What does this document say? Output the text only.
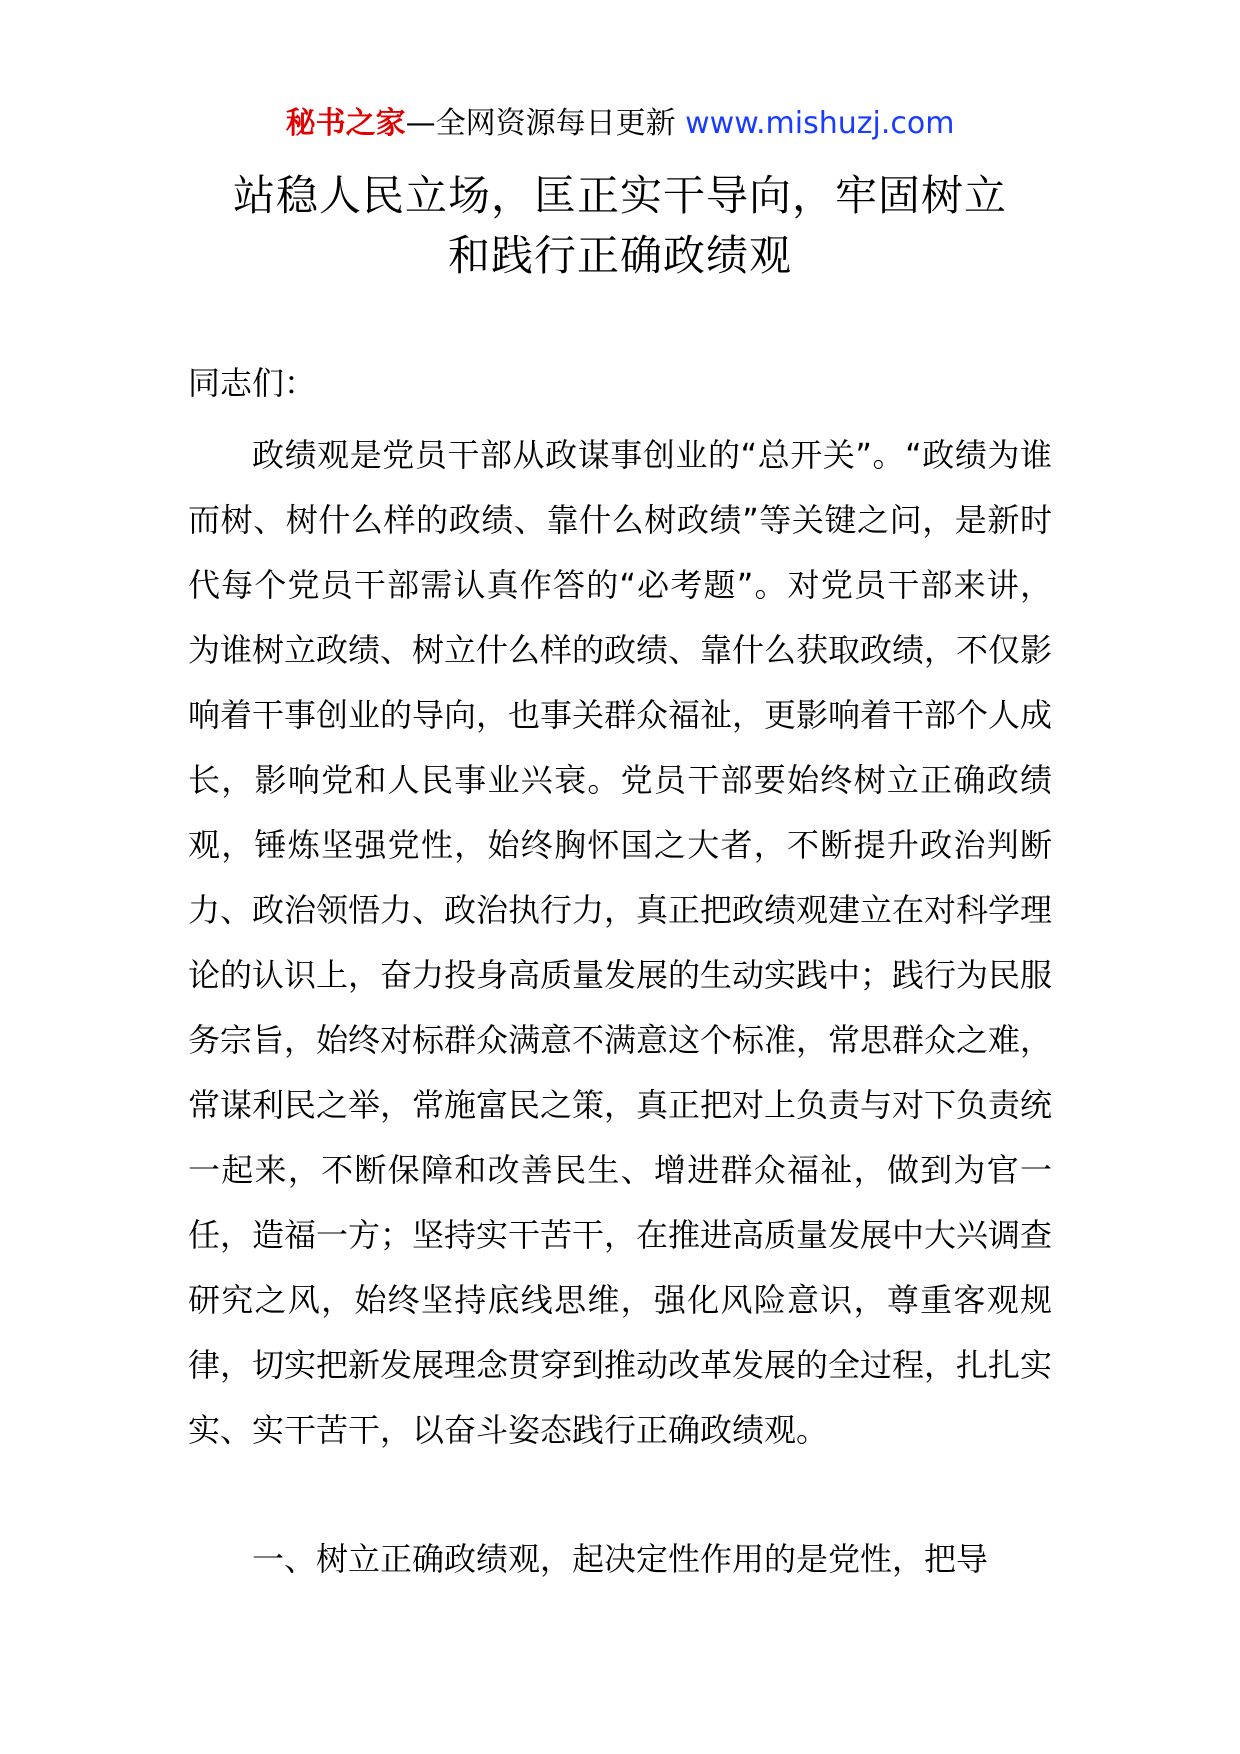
秘书之家—全网资源每日更新 www.mishuzj.com
站稳人民立场，匡正实干导向，牢固树立
和践行正确政绩观
同志们：
政绩观是党员干部从政谋事创业的“总开关”。“政绩为谁而树、树什么样的政绩、靠什么树政绩”等关键之问，是新时代每个党员干部需认真作答的“必考题”。对党员干部来讲，为谁树立政绩、树立什么样的政绩、靠什么获取政绩，不仅影响着干事创业的导向，也事关群众福祉，更影响着干部个人成长，影响党和人民事业兴衰。党员干部要始终树立正确政绩观，锤炼坚强党性，始终胸怀国之大者，不断提升政治判断力、政治领悟力、政治执行力，真正把政绩观建立在对科学理论的认识上，奋力投身高质量发展的生动实践中；践行为民服务宗旨，始终对标群众满意不满意这个标准，常思群众之难，常谋利民之举，常施富民之策，真正把对上负责与对下负责统一起来，不断保障和改善民生、增进群众福祉，做到为官一任，造福一方；坚持实干苦干，在推进高质量发展中大兴调查研究之风，始终坚持底线思维，强化风险意识，尊重客观规律，切实把新发展理念贯穿到推动改革发展的全过程，扎扎实实、实干苦干，以奋斗姿态践行正确政绩观。
一、树立正确政绩观，起决定性作用的是党性，把导
